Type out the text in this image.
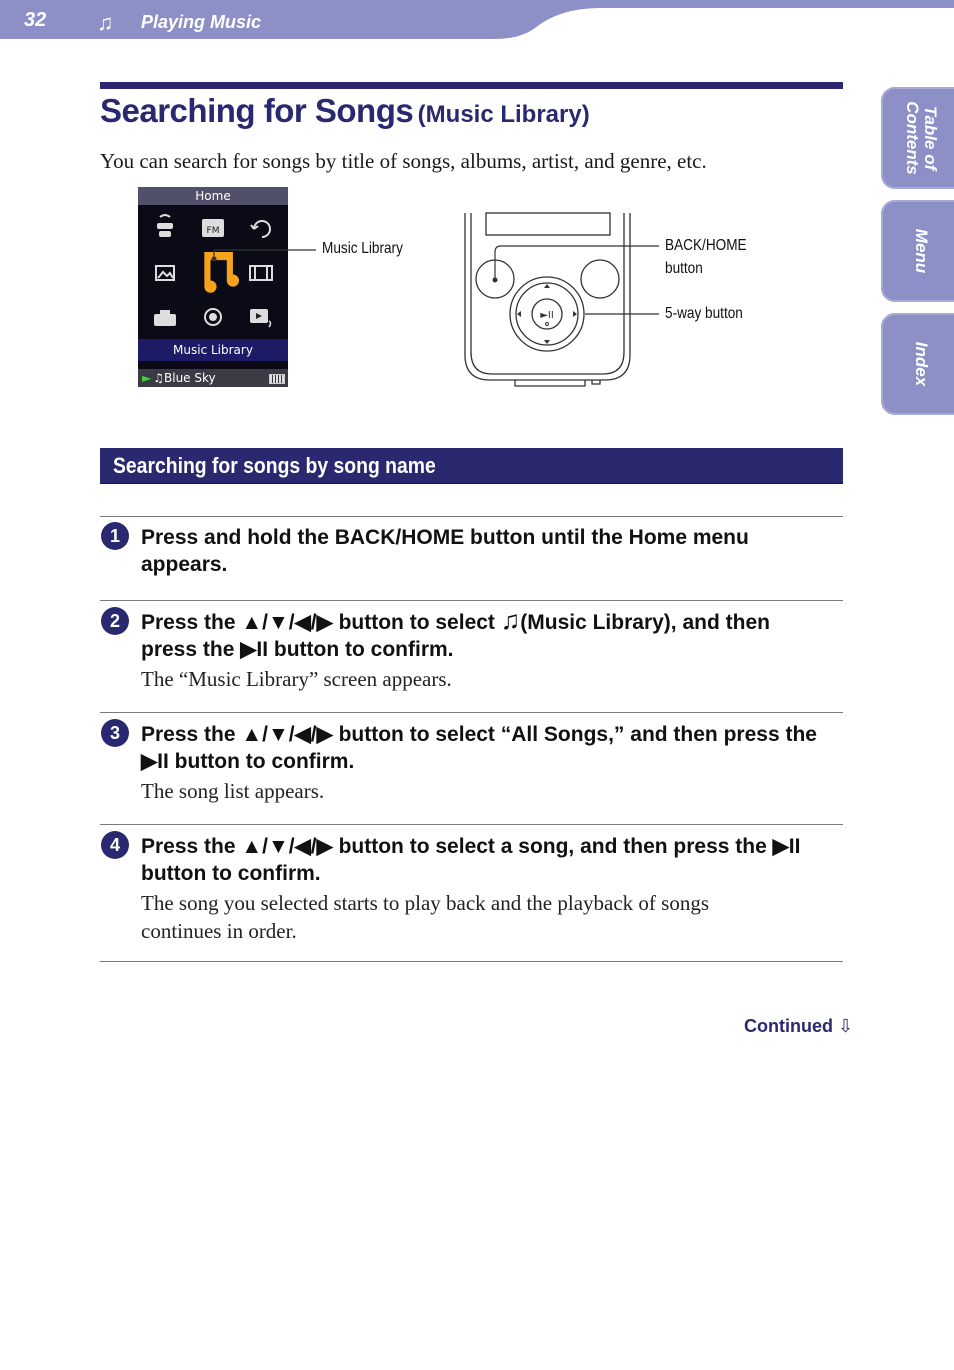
32 ♫ Playing Music
Table of
Contents
Menu
Index
Searching for Songs (Music Library)
You can search for songs by title of songs, albums, artist, and genre, etc.
Home
FM
Music Library
► ♫Blue Sky
►II
Music Library	BACK/HOME
button
5-way button
Searching for songs by song name
1	Press and hold the BACK/HOME button until the Home menu
appears.
2	Press the ▲/▼/◀/▶ button to select ♫(Music Library), and then
press the ▶II button to confirm.
The “Music Library” screen appears.
3	Press the ▲/▼/◀/▶ button to select “All Songs,” and then press the
▶II button to confirm.
The song list appears.
4	Press the ▲/▼/◀/▶ button to select a song, and then press the ▶II
button to confirm.
The song you selected starts to play back and the playback of songs
continues in order.
Continued ⇩
